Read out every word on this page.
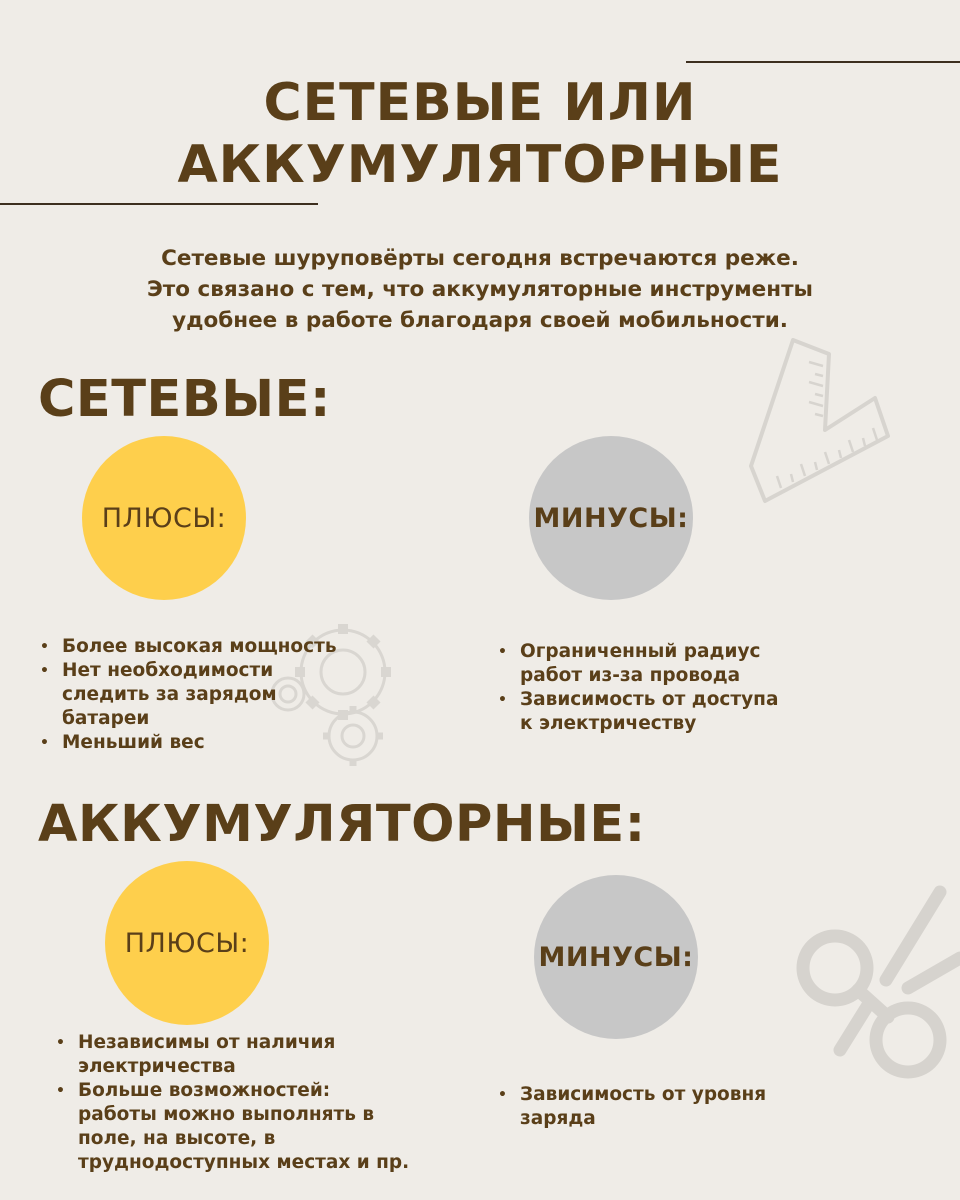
СЕТЕВЫЕ ИЛИ
АККУМУЛЯТОРНЫЕ
Сетевые шуруповёрты сегодня встречаются реже.
Это связано с тем, что аккумуляторные инструменты
удобнее в работе благодаря своей мобильности.
СЕТЕВЫЕ:
ПЛЮСЫ:	МИНУСЫ:
• Более высокая мощность
• Нет необходимости
следить за зарядом
батареи
• Меньший вес
• Ограниченный радиус
работ из-за провода
• Зависимость от доступа
к электричеству
АККУМУЛЯТОРНЫЕ:
ПЛЮСЫ:	МИНУСЫ:
• Независимы от наличия
электричества
• Больше возможностей:
работы можно выполнять в
поле, на высоте, в
труднодоступных местах и пр.
• Зависимость от уровня
заряда
